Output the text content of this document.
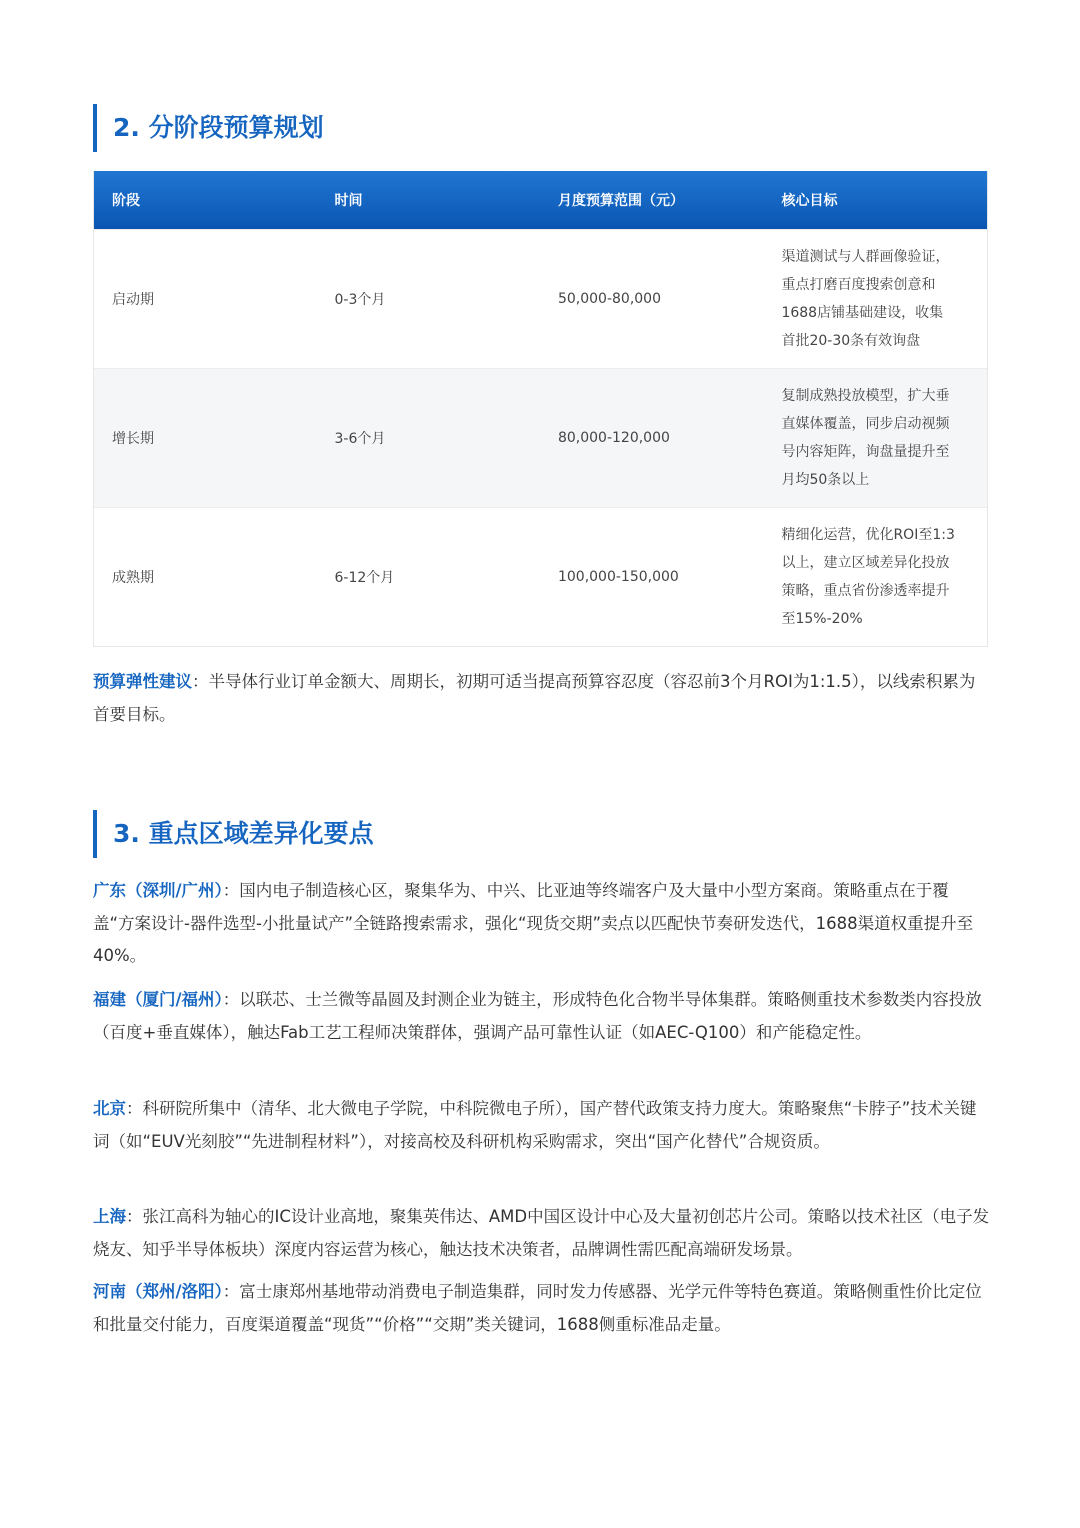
2. 分阶段预算规划
阶段	时间	月度预算范围（元）	核心目标
启动期	0-3个月	50,000-80,000
渠道测试与人群画像验证，
重点打磨百度搜索创意和
1688店铺基础建设，收集
首批20-30条有效询盘
增长期	3-6个月	80,000-120,000
复制成熟投放模型，扩大垂
直媒体覆盖，同步启动视频
号内容矩阵，询盘量提升至
月均50条以上
成熟期	6-12个月	100,000-150,000
精细化运营，优化ROI至1:3
以上，建立区域差异化投放
策略，重点省份渗透率提升
至15%-20%

预算弹性建议：半导体行业订单金额大、周期长，初期可适当提高预算容忍度（容忍前3个月ROI为1:1.5），以线索积累为首要目标。

3. 重点区域差异化要点

广东（深圳/广州）：国内电子制造核心区，聚集华为、中兴、比亚迪等终端客户及大量中小型方案商。策略重点在于覆盖“方案设计-器件选型-小批量试产”全链路搜索需求，强化“现货交期”卖点以匹配快节奏研发迭代，1688渠道权重提升至40%。

福建（厦门/福州）：以联芯、士兰微等晶圆及封测企业为链主，形成特色化合物半导体集群。策略侧重技术参数类内容投放（百度+垂直媒体），触达Fab工艺工程师决策群体，强调产品可靠性认证（如AEC-Q100）和产能稳定性。

北京：科研院所集中（清华、北大微电子学院，中科院微电子所），国产替代政策支持力度大。策略聚焦“卡脖子”技术关键词（如“EUV光刻胶”“先进制程材料”），对接高校及科研机构采购需求，突出“国产化替代”合规资质。

上海：张江高科为轴心的IC设计业高地，聚集英伟达、AMD中国区设计中心及大量初创芯片公司。策略以技术社区（电子发烧友、知乎半导体板块）深度内容运营为核心，触达技术决策者，品牌调性需匹配高端研发场景。

河南（郑州/洛阳）：富士康郑州基地带动消费电子制造集群，同时发力传感器、光学元件等特色赛道。策略侧重性价比定位和批量交付能力，百度渠道覆盖“现货”“价格”“交期”类关键词，1688侧重标准品走量。
